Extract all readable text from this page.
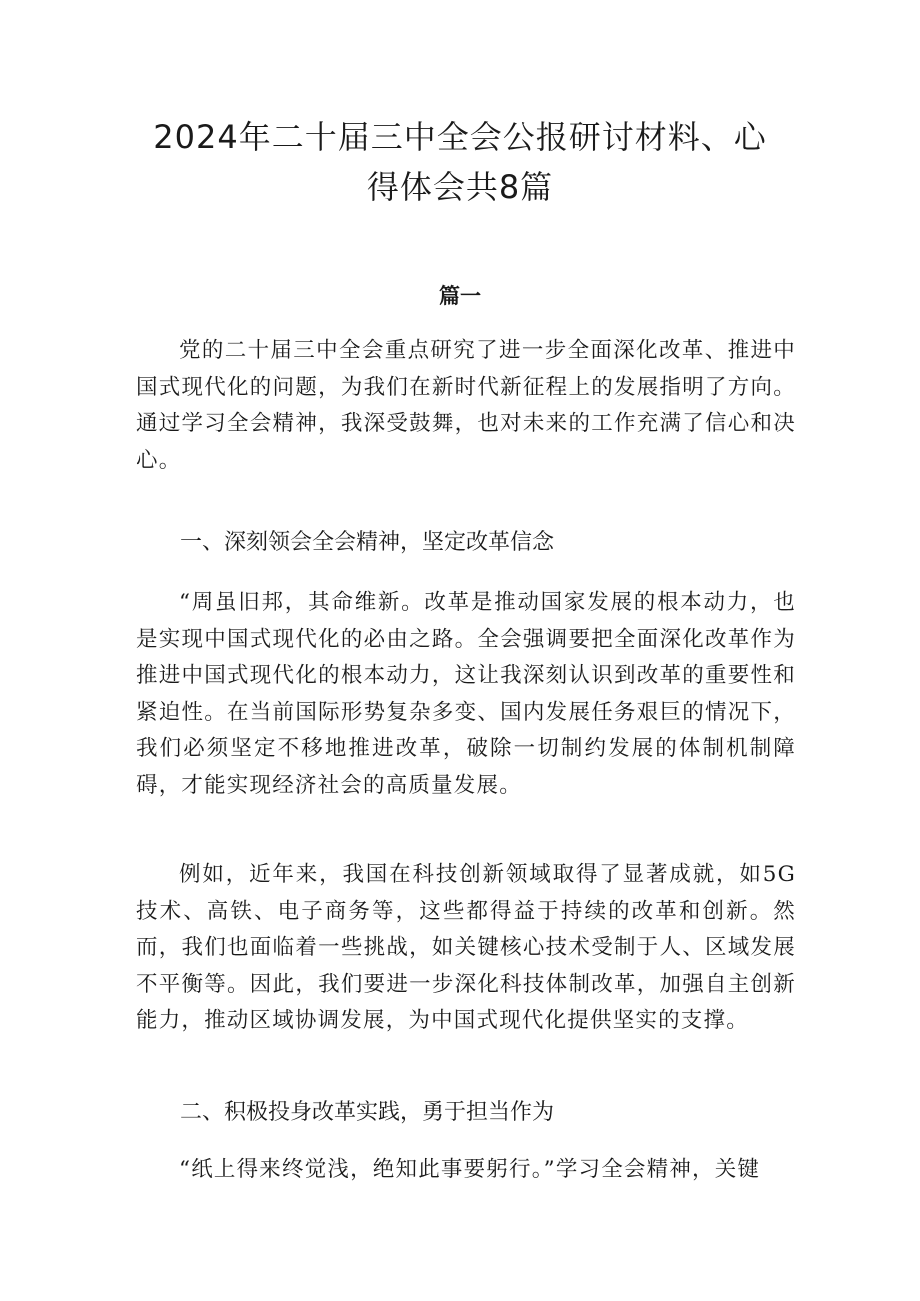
2024年二十届三中全会公报研讨材料、心得体会共8篇
篇一

党的二十届三中全会重点研究了进一步全面深化改革、推进中国式现代化的问题，为我们在新时代新征程上的发展指明了方向。通过学习全会精神，我深受鼓舞，也对未来的工作充满了信心和决心。

一、深刻领会全会精神，坚定改革信念

“周虽旧邦，其命维新。改革是推动国家发展的根本动力，也是实现中国式现代化的必由之路。全会强调要把全面深化改革作为推进中国式现代化的根本动力，这让我深刻认识到改革的重要性和紧迫性。在当前国际形势复杂多变、国内发展任务艰巨的情况下，我们必须坚定不移地推进改革，破除一切制约发展的体制机制障碍，才能实现经济社会的高质量发展。

例如，近年来，我国在科技创新领域取得了显著成就，如5G技术、高铁、电子商务等，这些都得益于持续的改革和创新。然而，我们也面临着一些挑战，如关键核心技术受制于人、区域发展不平衡等。因此，我们要进一步深化科技体制改革，加强自主创新能力，推动区域协调发展，为中国式现代化提供坚实的支撑。

二、积极投身改革实践，勇于担当作为

“纸上得来终觉浅，绝知此事要躬行。”学习全会精神，关键
